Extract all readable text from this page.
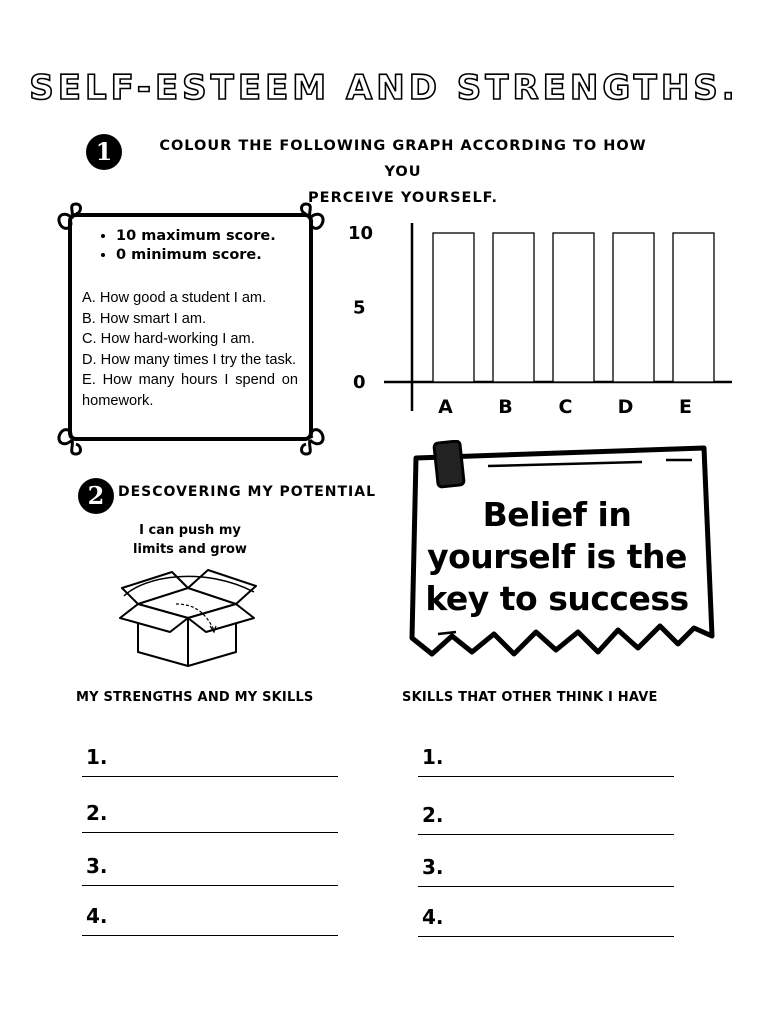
SELF-ESTEEM AND STRENGTHS.
1	COLOUR THE FOLLOWING GRAPH ACCORDING TO HOW YOU
PERCEIVE YOURSELF.
• 10 maximum score.
• 0 minimum score.
A. How good a student I am.
B. How smart I am.
C. How hard-working I am.
D. How many times I try the task.
E. How many hours I spend on homework.
10
5
0
A B C D E
2 DESCOVERING MY POTENTIAL
I can push my
limits and grow
Belief in
yourself is the
key to success
MY STRENGTHS AND MY SKILLS	SKILLS THAT OTHER THINK I HAVE
1.
2.
3.
4.
1.
2.
3.
4.
